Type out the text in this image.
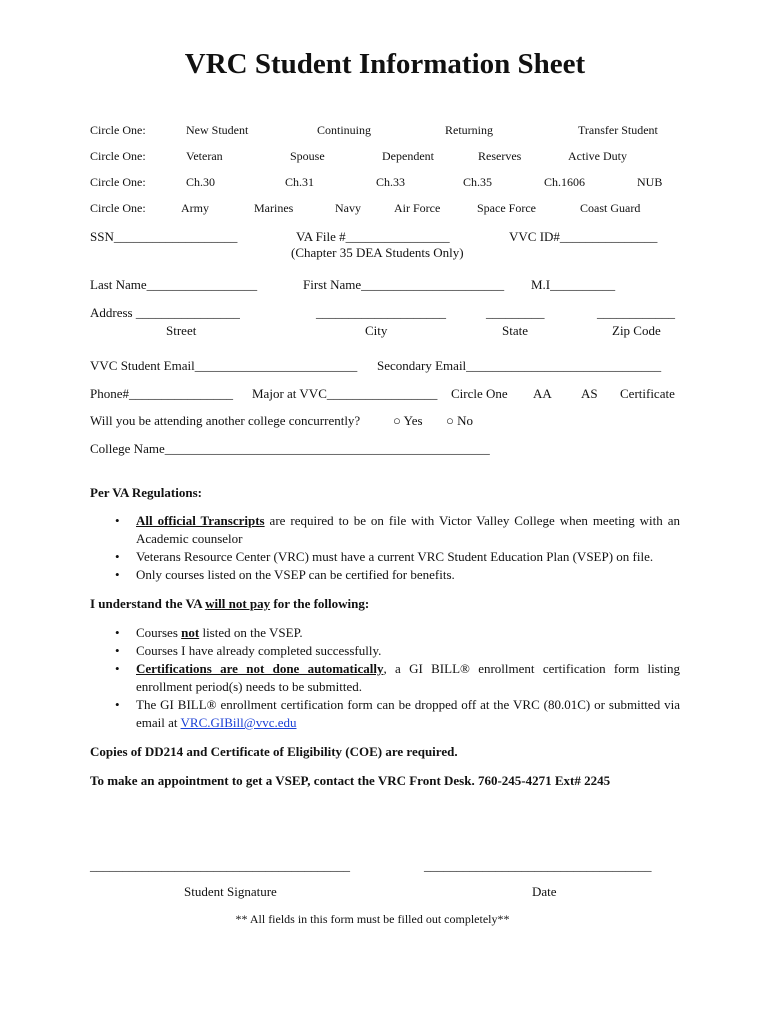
VRC Student Information Sheet
Circle One:	New Student	Continuing	Returning	Transfer Student
Circle One:	Veteran	Spouse	Dependent	Reserves	Active Duty
Circle One:	Ch.30	Ch.31	Ch.33	Ch.35	Ch.1606	NUB
Circle One:	Army	Marines	Navy	Air Force	Space Force	Coast Guard
SSN___________________	VA File #________________	VVC ID#_______________
(Chapter 35 DEA Students Only)
Last Name_________________	First Name______________________ M.I__________
Address ________________	____________________	_________	____________
Street	City	State	Zip Code
VVC Student Email_________________________ Secondary Email______________________________
Phone#________________ Major at VVC_________________ Circle One AA AS Certificate
Will you be attending another college concurrently?	○ Yes ○ No
College Name__________________________________________________
Per VA Regulations:
• All official Transcripts are required to be on file with Victor Valley College when meeting with an Academic counselor
• Veterans Resource Center (VRC) must have a current VRC Student Education Plan (VSEP) on file.
• Only courses listed on the VSEP can be certified for benefits.
I understand the VA will not pay for the following:
• Courses not listed on the VSEP.
• Courses I have already completed successfully.
• Certifications are not done automatically, a GI BILL® enrollment certification form listing enrollment period(s) needs to be submitted.
• The GI BILL® enrollment certification form can be dropped off at the VRC (80.01C) or submitted via email at VRC.GIBill@vvc.edu
Copies of DD214 and Certificate of Eligibility (COE) are required.
To make an appointment to get a VSEP, contact the VRC Front Desk. 760-245-4271 Ext# 2245
________________________________________	___________________________________
Student Signature	Date
** All fields in this form must be filled out completely**
